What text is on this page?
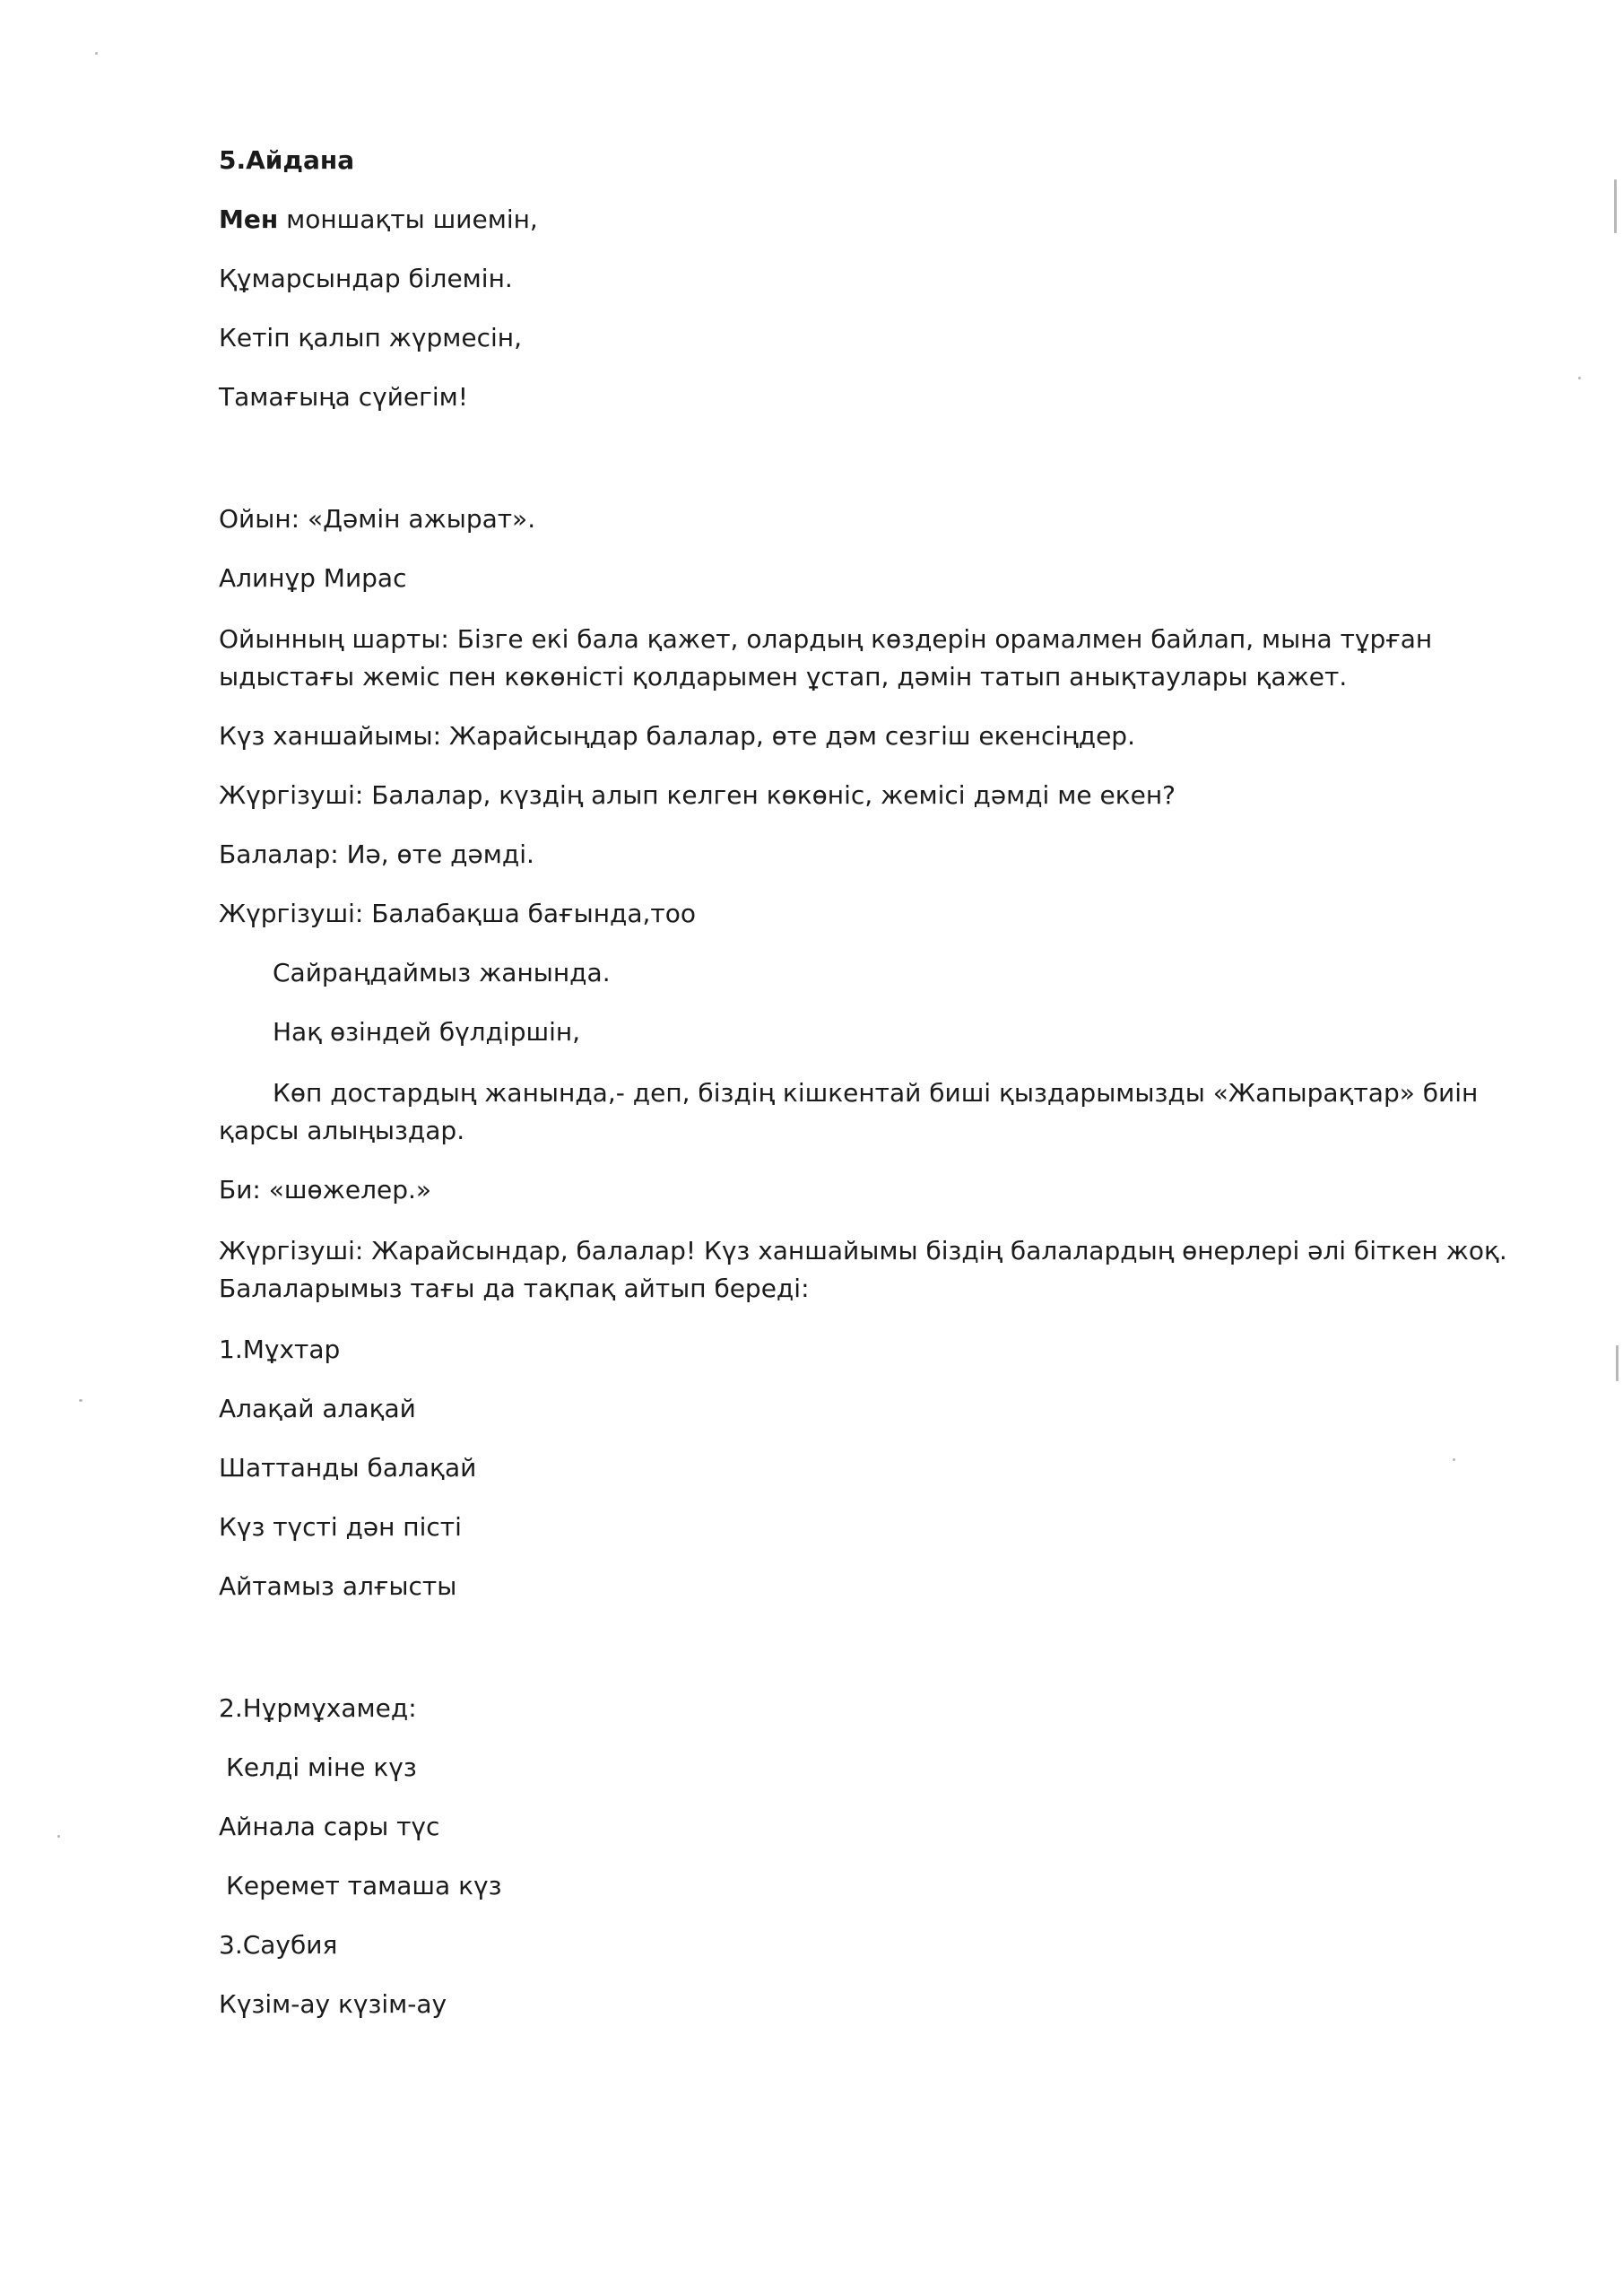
5.Айдана
Мен моншақты шиемін,
Құмарсындар білемін.
Кетіп қалып жүрмесін,
Тамағыңа сүйегім!
Ойын: «Дәмін ажырат».
Алинұр Мирас
Ойынның шарты: Бізге екі бала қажет, олардың көздерін орамалмен байлап, мына тұрған
ыдыстағы жеміс пен көкөністі қолдарымен ұстап, дәмін татып анықтаулары қажет.
Күз ханшайымы: Жарайсыңдар балалар, өте дәм сезгіш екенсіңдер.
Жүргізуші: Балалар, күздің алып келген көкөніс, жемісі дәмді ме екен?
Балалар: Иә, өте дәмді.
Жүргізуші: Балабақша бағында,тоо
Сайраңдаймыз жанында.
Нақ өзіндей бүлдіршін,
Көп достардың жанында,- деп, біздің кішкентай биші қыздарымызды «Жапырақтар» биін
қарсы алыңыздар.
Би: «шөжелер.»
Жүргізуші: Жарайсындар, балалар! Күз ханшайымы біздің балалардың өнерлері әлі біткен жоқ.
Балаларымыз тағы да тақпақ айтып береді:
1.Мұхтар
Алақай алақай
Шаттанды балақай
Күз түсті дән пісті
Айтамыз алғысты
2.Нұрмұхамед:
Келді міне күз
Айнала сары түс
Керемет тамаша күз
3.Саубия
Күзім-ау күзім-ау
